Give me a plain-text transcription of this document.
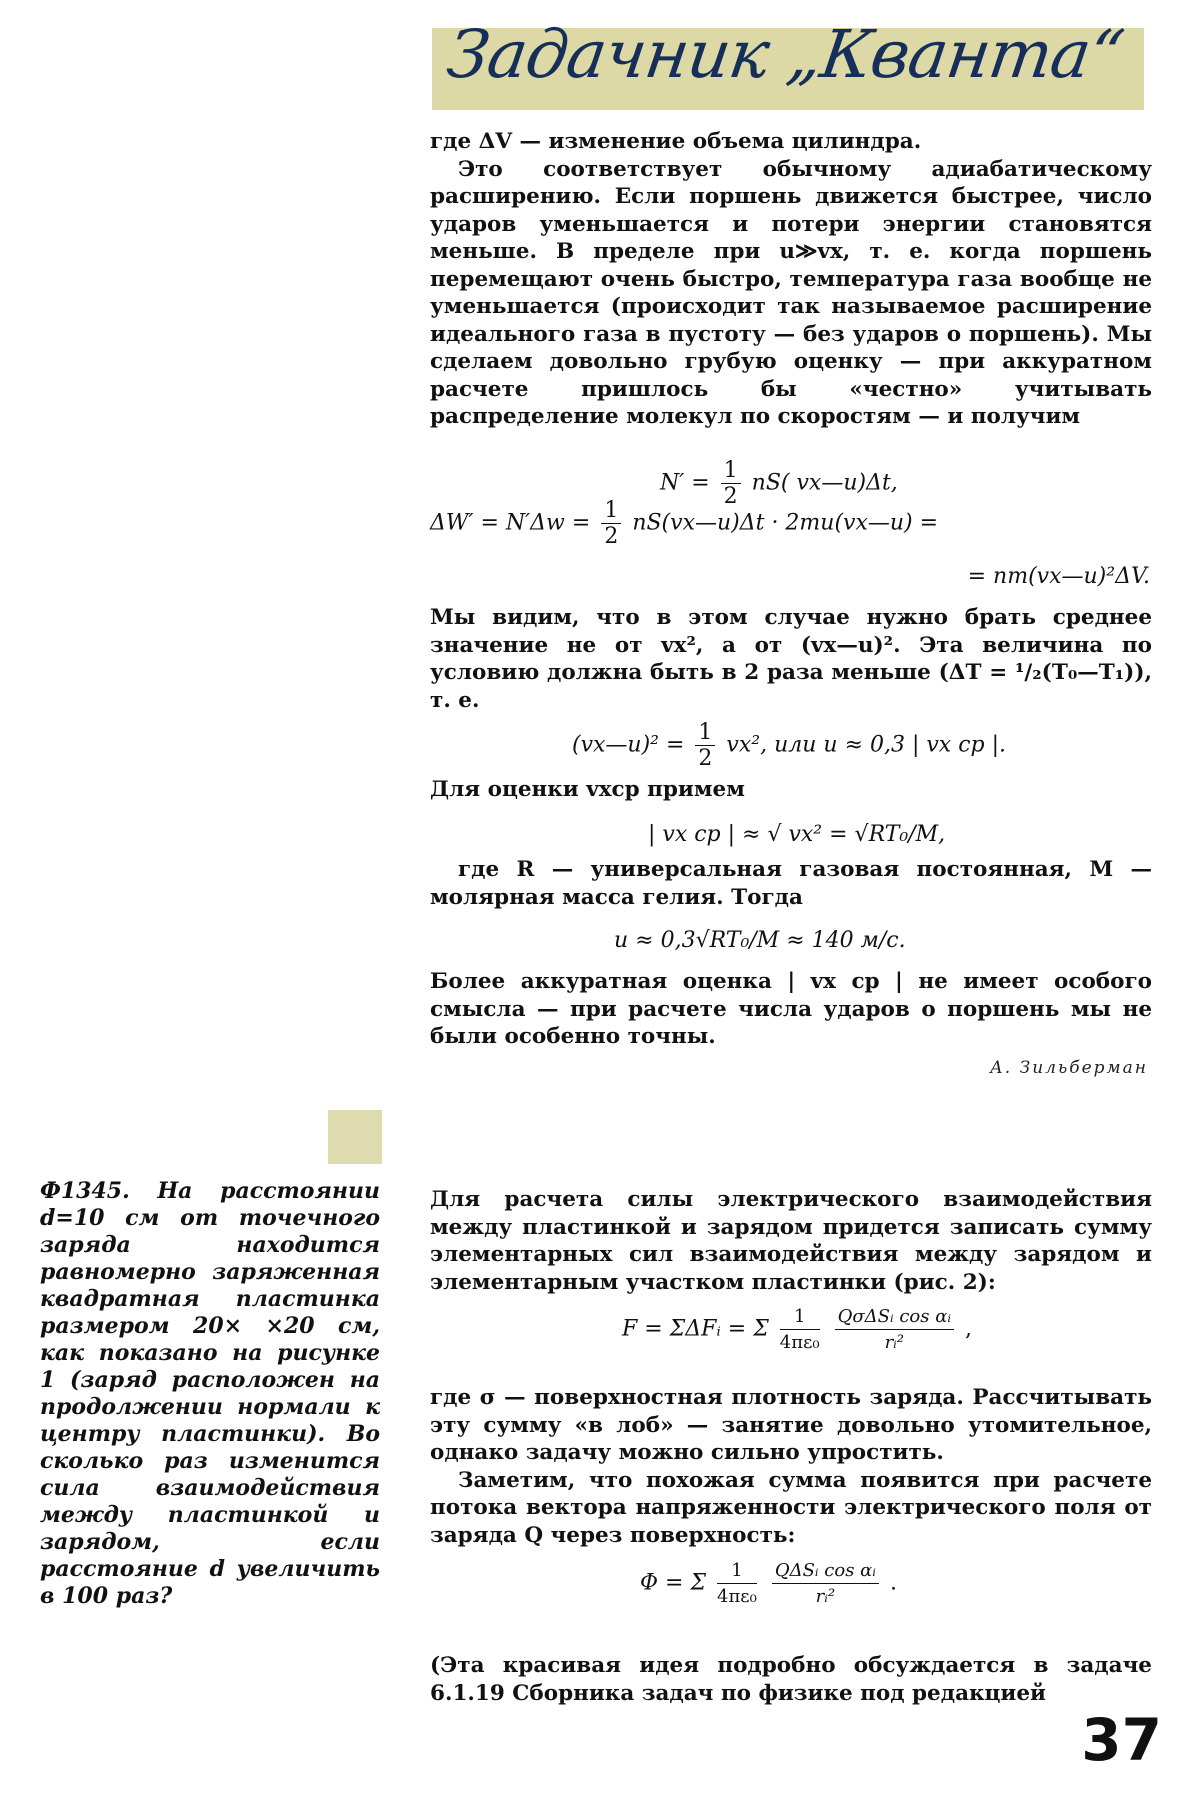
Задачник „Кванта“

где ΔV — изменение объема цилиндра.

Это соответствует обычному адиабатическому расширению. Если поршень движется быстрее, число ударов уменьшается и потери энергии становятся меньше. В пределе при u≫vx, т. е. когда поршень перемещают очень быстро, температура газа вообще не уменьшается (происходит так называемое расширение идеального газа в пустоту — без ударов о поршень). Мы сделаем довольно грубую оценку — при аккуратном расчете пришлось бы «честно» учитывать распределение молекул по скоростям — и получим

$N' = \frac{1}{2} nS$( vx—u)Δt,
$\Delta W' = N'\Delta w = \frac{1}{2}$ nS(vx—u)Δt · 2mu(vx—u) =
= nm(vx—u)²ΔV.

Мы видим, что в этом случае нужно брать среднее значение не от vx², а от (vx—u)². Эта величина по условию должна быть в 2 раза меньше (ΔT = ¹/₂(T₀—T₁)), т. е.

(vx—u)² = $\frac{1}{2} vx^2$, или u ≈ 0,3 | vx ср |.

Для оценки vxср примем

| vx ср | ≈ √ vx² = √RT₀/M,

где R — универсальная газовая постоянная, M — молярная масса гелия. Тогда

u ≈ 0,3√RT₀/M ≈ 140 м/с.

Более аккуратная оценка | vx ср | не имеет особого смысла — при расчете числа ударов о поршень мы не были особенно точны.

А. Зильберман

Ф1345. На расстоянии d=10 см от точечного заряда находится равномерно заряженная квадратная пластинка размером 20× ×20 см, как показано на рисунке 1 (заряд расположен на продолжении нормали к центру пластинки). Во сколько раз изменится сила взаимодействия между пластинкой и зарядом, если расстояние d увеличить в 100 раз?

Для расчета силы электрического взаимодействия между пластинкой и зарядом придется записать сумму элементарных сил взаимодействия между зарядом и элементарным участком пластинки (рис. 2):

F = ΣΔFᵢ = Σ $\frac{1}{\text{4πε₀}}$
$\frac{\text{QσΔSᵢ cos αᵢ}}{\text{rᵢ²}}$ ,

где σ — поверхностная плотность заряда. Рассчитывать эту сумму «в лоб» — занятие довольно утомительное, однако задачу можно сильно упростить.

Заметим, что похожая сумма появится при расчете потока вектора напряженности электрического поля от заряда Q через поверхность:

Φ = Σ $\frac{1}{\text{4πε₀}}$
$\frac{\text{QΔSᵢ cos αᵢ}}{\text{rᵢ²}}$ .

(Эта красивая идея подробно обсуждается в задаче 6.1.19 Сборника задач по физике под редакцией

37
